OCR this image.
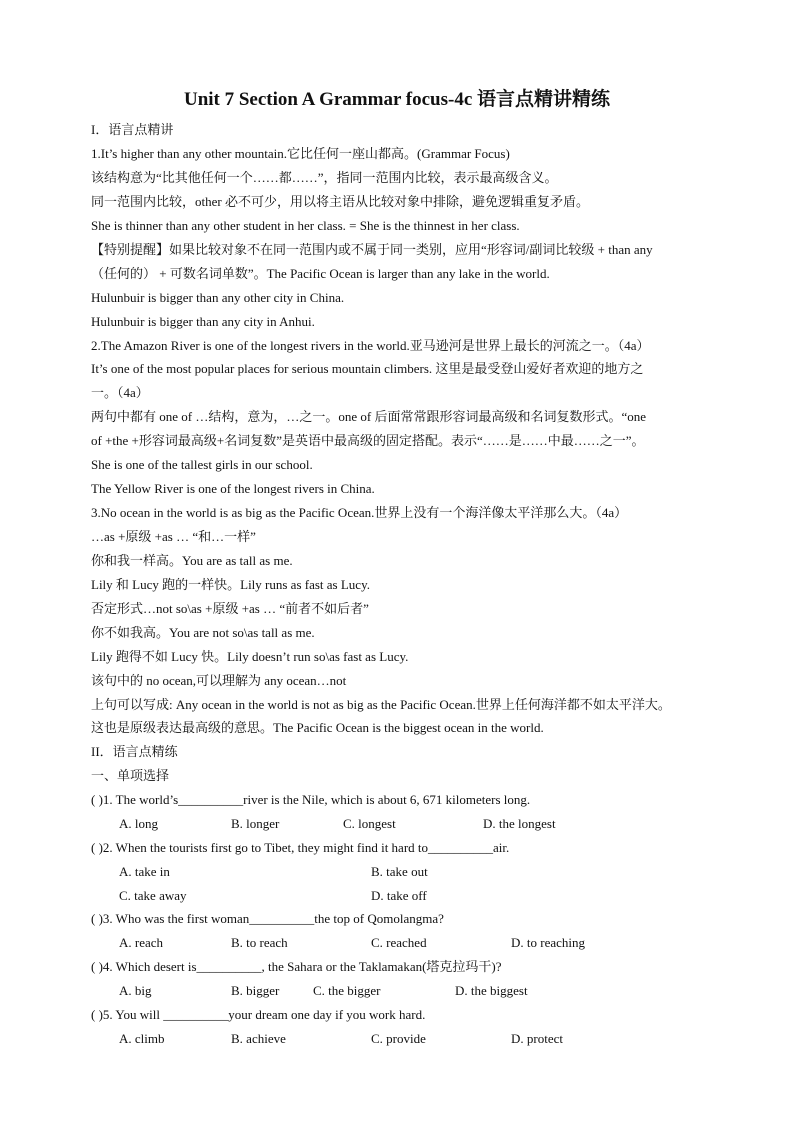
Unit 7 Section A Grammar focus-4c 语言点精讲精练
I．语言点精讲
1.It’s higher than any other mountain.它比任何一座山都高。(Grammar Focus)
该结构意为“比其他任何一个……都……”，指同一范围内比较，表示最高级含义。
同一范围内比较，other 必不可少，用以将主语从比较对象中排除，避免逻辑重复矛盾。
She is thinner than any other student in her class. = She is the thinnest in her class.
【特别提醒】如果比较对象不在同一范围内或不属于同一类别，应用“形容词/副词比较级 + than any
（任何的） + 可数名词单数”。The Pacific Ocean is larger than any lake in the world.
Hulunbuir is bigger than any other city in China.
Hulunbuir is bigger than any city in Anhui.
2.The Amazon River is one of the longest rivers in the world.亚马逊河是世界上最长的河流之一。（4a）
It’s one of the most popular places for serious mountain climbers. 这里是最受登山爱好者欢迎的地方之
一。（4a）
两句中都有 one of …结构，意为，…之一。one of 后面常常跟形容词最高级和名词复数形式。“one
of +the +形容词最高级+名词复数”是英语中最高级的固定搭配。表示“……是……中最……之一”。
She is one of the tallest girls in our school.
The Yellow River is one of the longest rivers in China.
3.No ocean in the world is as big as the Pacific Ocean.世界上没有一个海洋像太平洋那么大。（4a）
…as +原级 +as … “和…一样”
你和我一样高。You are as tall as me.
Lily 和 Lucy 跑的一样快。Lily runs as fast as Lucy.
否定形式…not so\as +原级 +as … “前者不如后者”
你不如我高。You are not so\as tall as me.
Lily 跑得不如 Lucy 快。Lily doesn’t run so\as fast as Lucy.
该句中的 no ocean,可以理解为 any ocean…not
上句可以写成: Any ocean in the world is not as big as the Pacific Ocean.世界上任何海洋都不如太平洋大。
这也是原级表达最高级的意思。The Pacific Ocean is the biggest ocean in the world.
II．语言点精练
一、单项选择
( )1. The world’s__________river is the Nile, which is about 6, 671 kilometers long.
A. long	B. longer	C. longest	D. the longest
( )2. When the tourists first go to Tibet, they might find it hard to__________air.
A. take in	B. take out
C. take away	D. take off
( )3. Who was the first woman__________the top of Qomolangma?
A. reach	B. to reach	C. reached	D. to reaching
( )4. Which desert is__________, the Sahara or the Taklamakan(塔克拉玛干)?
A. big	B. bigger	C. the bigger	D. the biggest
( )5. You will __________your dream one day if you work hard.
A. climb	B. achieve	C. provide	D. protect
